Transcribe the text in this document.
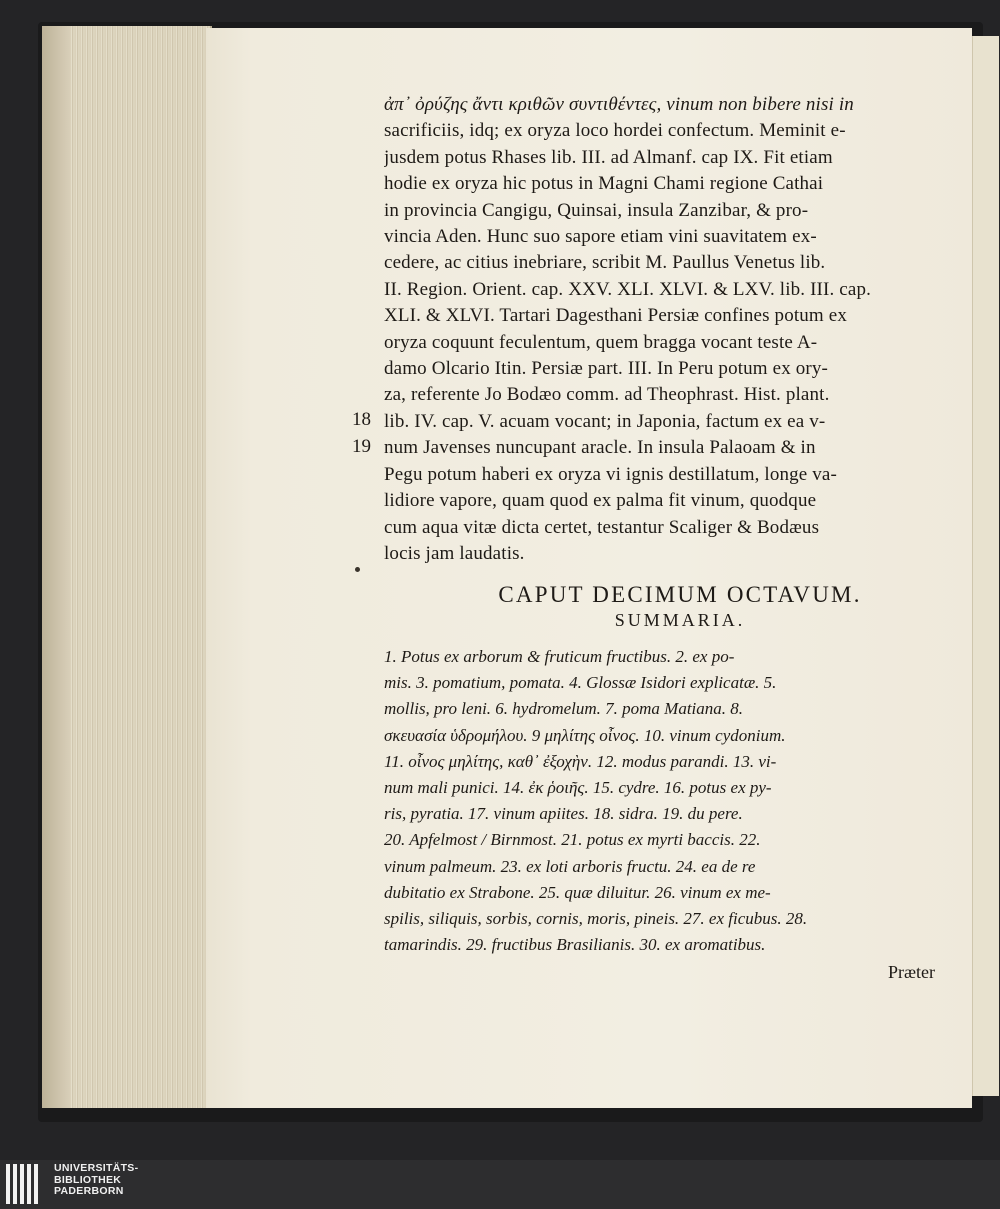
ἀπ᾽ ὀρύζης ἄντι κριθῶν συντιθέντες, vinum non bibere nisi in
sacrificiis, idq; ex oryza loco hordei confectum. Meminit e-
jusdem potus Rhases lib. III. ad Almanf. cap IX. Fit etiam
hodie ex oryza hic potus in Magni Chami regione Cathai
in provincia Cangigu, Quinsai, insula Zanzibar, & pro-
vincia Aden. Hunc suo sapore etiam vini suavitatem ex-
cedere, ac citius inebriare, scribit M. Paullus Venetus lib.
II. Region. Orient. cap. XXV. XLI. XLVI. & LXV. lib. III. cap.
XLI. & XLVI. Tartari Dagesthani Persiæ confines potum ex
oryza coquunt feculentum, quem bragga vocant teste A-
damo Olcario Itin. Persiæ part. III. In Peru potum ex ory-
za, referente Jo Bodæo comm. ad Theophrast. Hist. plant.
lib. IV. cap. V. acuam vocant; in Japonia, factum ex ea v-
num Javenses nuncupant aracle. In insula Palaoam & in
Pegu potum haberi ex oryza vi ignis destillatum, longe va-
lidiore vapore, quam quod ex palma fit vinum, quodque
cum aqua vitæ dicta certet, testantur Scaliger & Bodæus
locis jam laudatis.
18
19
CAPUT DECIMUM OCTAVUM.
SUMMARIA.
1. Potus ex arborum & fruticum fructibus. 2. ex po-
mis. 3. pomatium, pomata. 4. Glossæ Isidori explicatæ. 5.
mollis, pro leni. 6. hydromelum. 7. poma Matiana. 8.
σκευασία ὑδρομήλου. 9 μηλίτης οἶνος. 10. vinum cydonium.
11. οἶνος μηλίτης, καθ᾽ ἐξοχὴν. 12. modus parandi. 13. vi-
num mali punici. 14. ἐκ ῥοιῆς. 15. cydre. 16. potus ex py-
ris, pyratia. 17. vinum apiites. 18. sidra. 19. du pere.
20. Apfelmost / Birnmost. 21. potus ex myrti baccis. 22.
vinum palmeum. 23. ex loti arboris fructu. 24. ea de re
dubitatio ex Strabone. 25. quæ diluitur. 26. vinum ex me-
spilis, siliquis, sorbis, cornis, moris, pineis. 27. ex ficubus. 28.
tamarindis. 29. fructibus Brasilianis. 30. ex aromatibus.
Præter
UNIVERSITÄTS-
BIBLIOTHEK
PADERBORN
